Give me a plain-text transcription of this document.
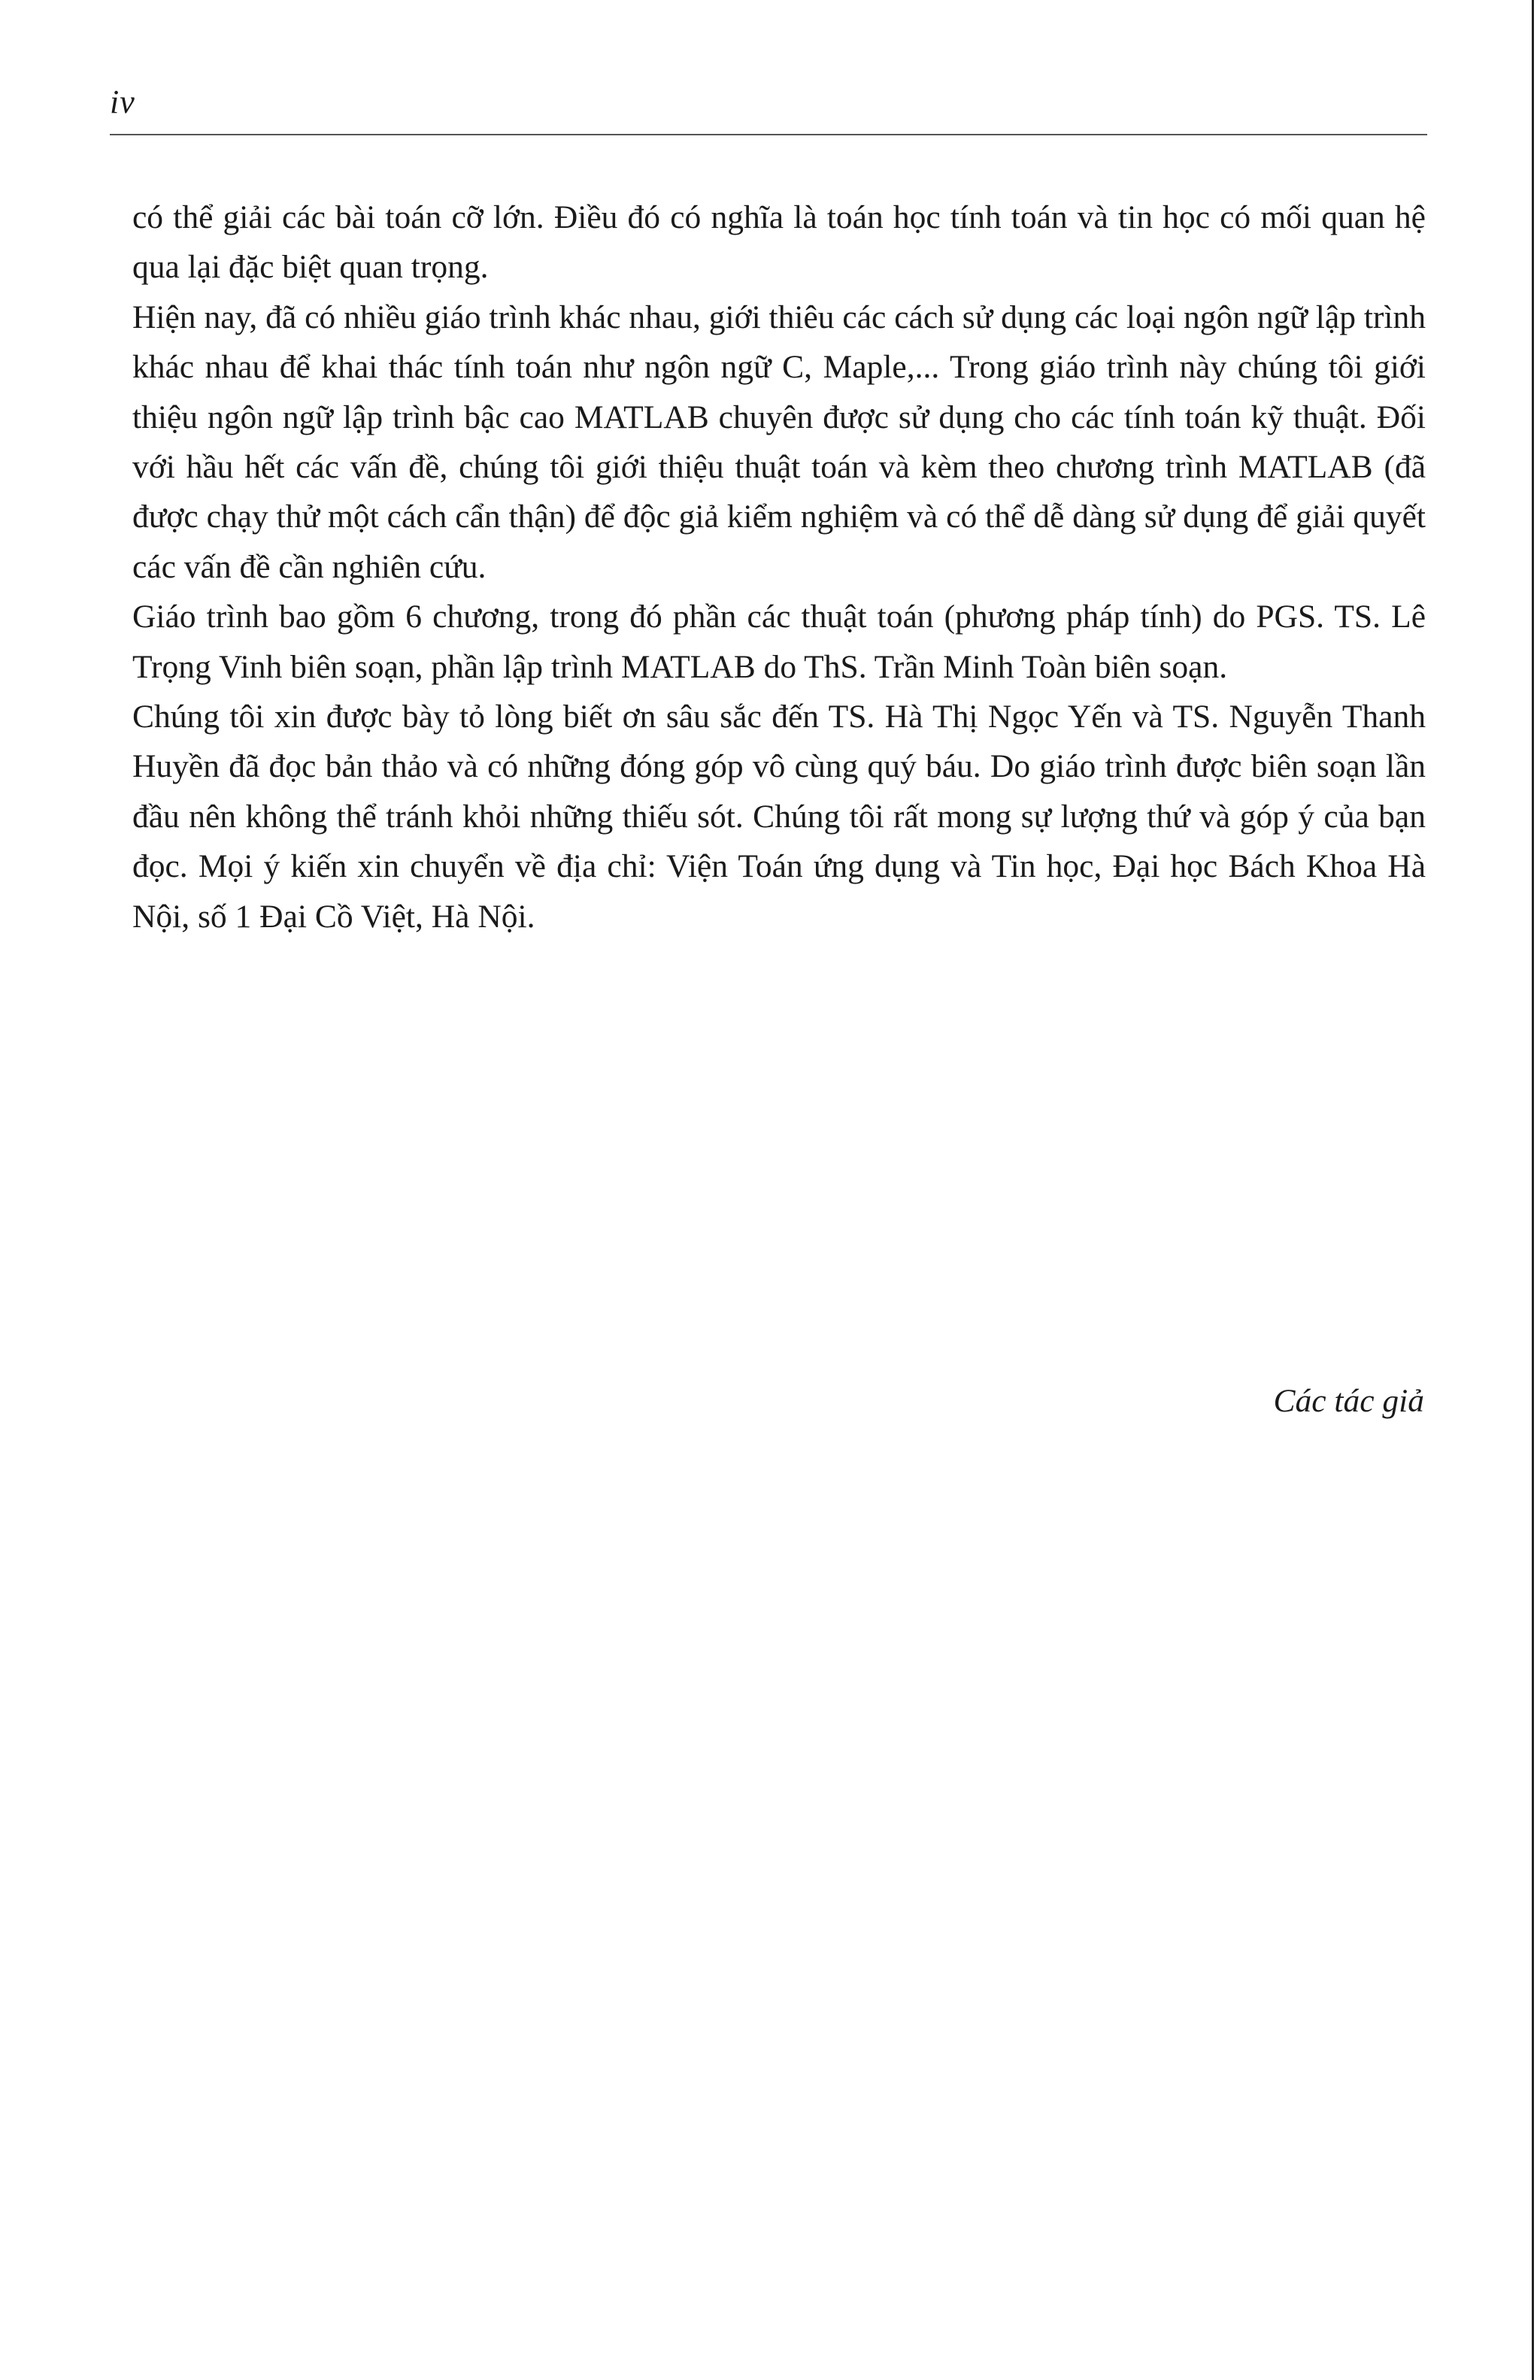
iv

có thể giải các bài toán cỡ lớn. Điều đó có nghĩa là toán học tính toán và tin học có mối quan hệ qua lại đặc biệt quan trọng.

Hiện nay, đã có nhiều giáo trình khác nhau, giới thiêu các cách sử dụng các loại ngôn ngữ lập trình khác nhau để khai thác tính toán như ngôn ngữ C, Maple,... Trong giáo trình này chúng tôi giới thiệu ngôn ngữ lập trình bậc cao MATLAB chuyên được sử dụng cho các tính toán kỹ thuật. Đối với hầu hết các vấn đề, chúng tôi giới thiệu thuật toán và kèm theo chương trình MATLAB (đã được chạy thử một cách cẩn thận) để độc giả kiểm nghiệm và có thể dễ dàng sử dụng để giải quyết các vấn đề cần nghiên cứu.

Giáo trình bao gồm 6 chương, trong đó phần các thuật toán (phương pháp tính) do PGS. TS. Lê Trọng Vinh biên soạn, phần lập trình MATLAB do ThS. Trần Minh Toàn biên soạn.

Chúng tôi xin được bày tỏ lòng biết ơn sâu sắc đến TS. Hà Thị Ngọc Yến và TS. Nguyễn Thanh Huyền đã đọc bản thảo và có những đóng góp vô cùng quý báu. Do giáo trình được biên soạn lần đầu nên không thể tránh khỏi những thiếu sót. Chúng tôi rất mong sự lượng thứ và góp ý của bạn đọc. Mọi ý kiến xin chuyển về địa chỉ: Viện Toán ứng dụng và Tin học, Đại học Bách Khoa Hà Nội, số 1 Đại Cồ Việt, Hà Nội.

Các tác giả
